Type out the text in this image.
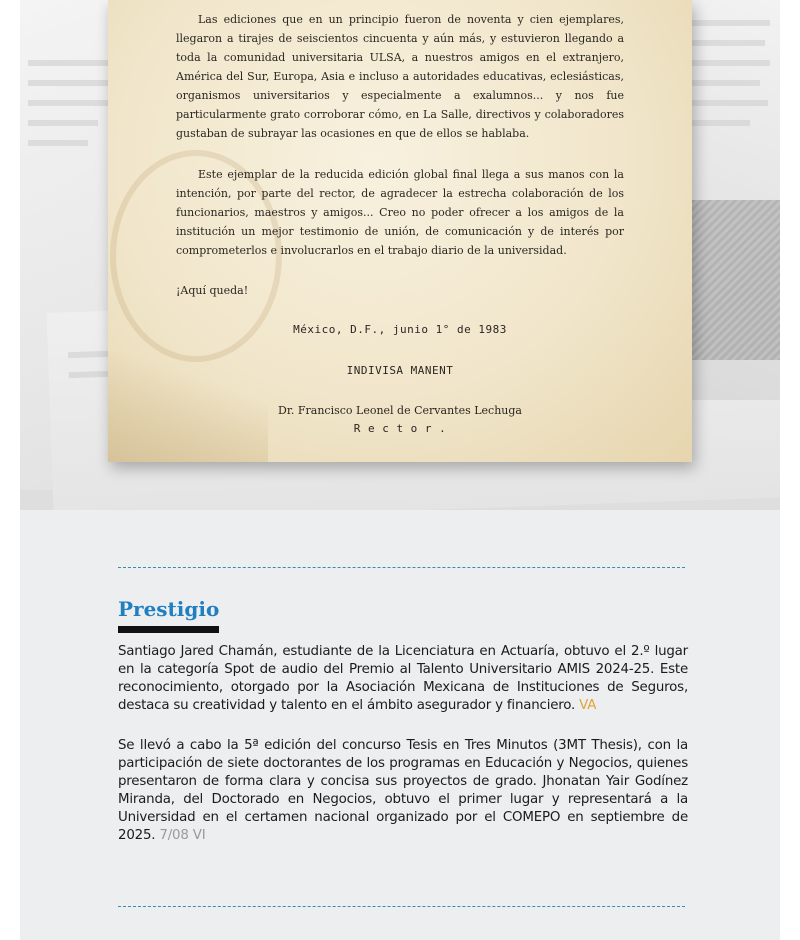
Las ediciones que en un principio fueron de noventa y cien ejemplares, llegaron a tirajes de seiscientos cincuenta y aún más, y estuvieron llegando a toda la comunidad universitaria ULSA, a nuestros amigos en el extranjero, América del Sur, Europa, Asia e incluso a autoridades educativas, eclesiásticas, organismos universitarios y especialmente a exalumnos... y nos fue particularmente grato corroborar cómo, en La Salle, directivos y colaboradores gustaban de subrayar las ocasiones en que de ellos se hablaba.

Este ejemplar de la reducida edición global final llega a sus manos con la intención, por parte del rector, de agradecer la estrecha colaboración de los funcionarios, maestros y amigos... Creo no poder ofrecer a los amigos de la institución un mejor testimonio de unión, de comunicación y de interés por comprometerlos e involucrarlos en el trabajo diario de la universidad.

¡Aquí queda!
México, D.F., junio 1° de 1983
INDIVISA MANENT
Dr. Francisco Leonel de Cervantes Lechuga
R e c t o r .
Prestigio

Santiago Jared Chamán, estudiante de la Licenciatura en Actuaría, obtuvo el 2.º lugar en la categoría Spot de audio del Premio al Talento Universitario AMIS 2024-25. Este reconocimiento, otorgado por la Asociación Mexicana de Instituciones de Seguros, destaca su creatividad y talento en el ámbito asegurador y financiero. VA

Se llevó a cabo la 5ª edición del concurso Tesis en Tres Minutos (3MT Thesis), con la participación de siete doctorantes de los programas en Educación y Negocios, quienes presentaron de forma clara y concisa sus proyectos de grado. Jhonatan Yair Godínez Miranda, del Doctorado en Negocios, obtuvo el primer lugar y representará a la Universidad en el certamen nacional organizado por el COMEPO en septiembre de 2025. 7/08 VI
